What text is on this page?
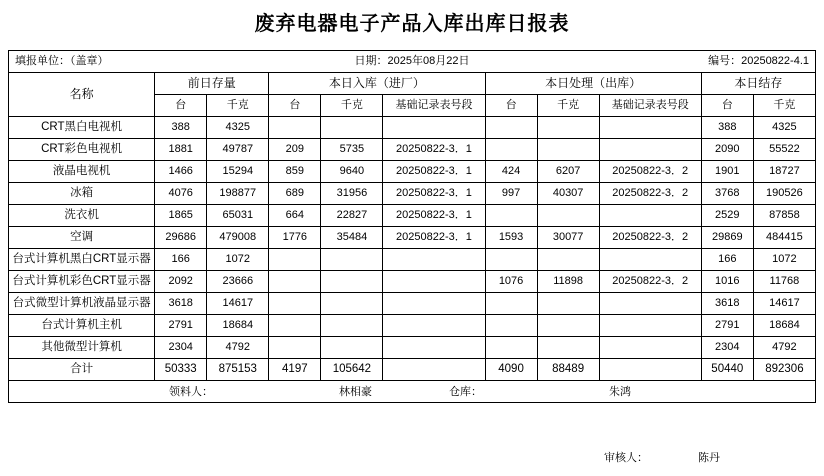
废弃电器电子产品入库出库日报表
填报单位：（盖章） 日期：2025年08月22日 编号：20250822-4.1										

名称	前日存量		本日入库（进厂）			本日处理（出库）			本日结存	
	台	千克	台	千克	基础记录表号段	台	千克	基础记录表号段	台	千克
CRT黑白电视机	388	4325							388	4325
CRT彩色电视机	1881	49787	209	5735	20250822-3．1				2090	55522
液晶电视机	1466	15294	859	9640	20250822-3．1	424	6207	20250822-3．2	1901	18727
冰箱	4076	198877	689	31956	20250822-3．1	997	40307	20250822-3．2	3768	190526
洗衣机	1865	65031	664	22827	20250822-3．1				2529	87858
空调	29686	479008	1776	35484	20250822-3．1	1593	30077	20250822-3．2	29869	484415
台式计算机黑白CRT显示器	166	1072							166	1072
台式计算机彩色CRT显示器	2092	23666				1076	11898	20250822-3．2	1016	11768
台式微型计算机液晶显示器	3618	14617							3618	14617
台式计算机主机	2791	18684							2791	18684
其他微型计算机	2304	4792							2304	4792
合计	50333	875153	4197	105642		4090	88489		50440	892306

领料人： 林相豪 仓库： 朱鸿										
审核人：	陈丹
